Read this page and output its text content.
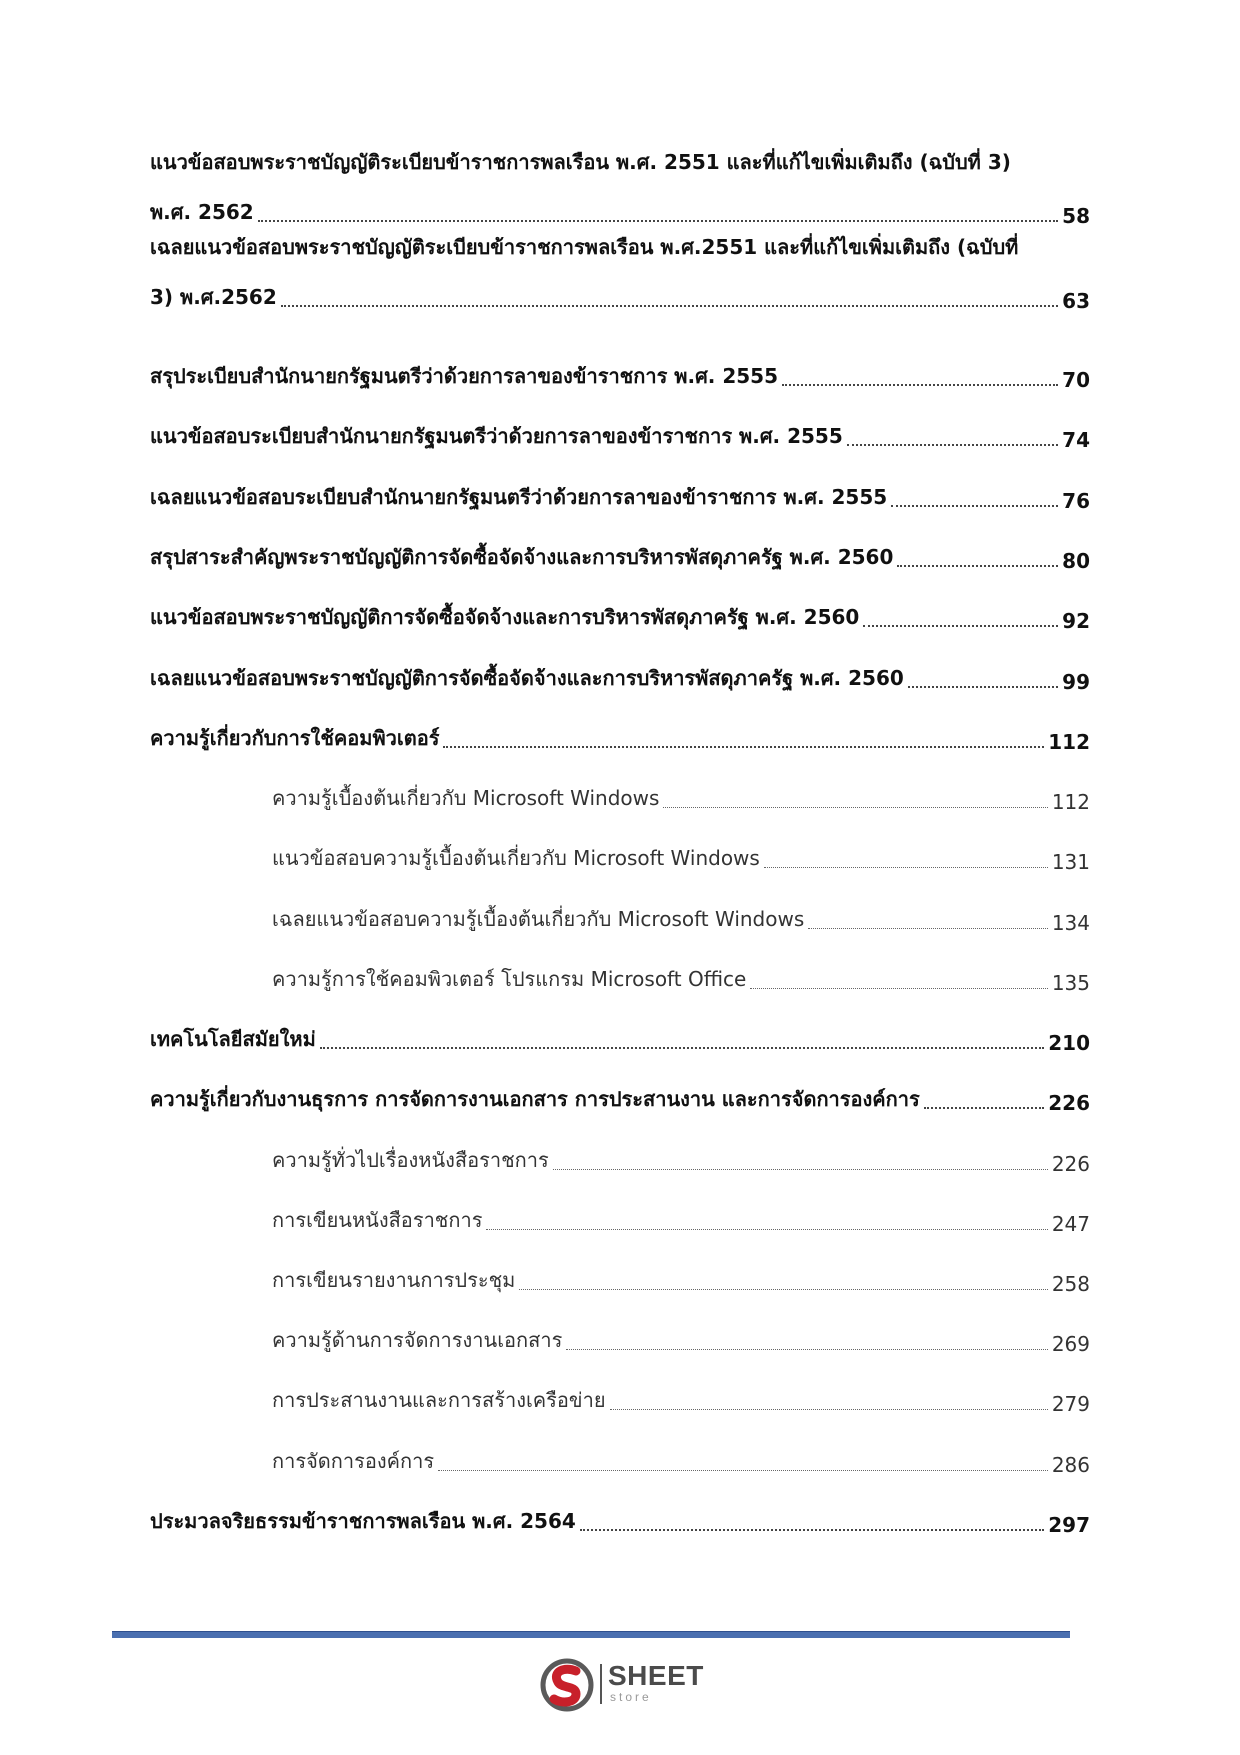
แนวข้อสอบพระราชบัญญัติระเบียบข้าราชการพลเรือน พ.ศ. 2551 และที่แก้ไขเพิ่มเติมถึง (ฉบับที่ 3)
พ.ศ. 2562	58
เฉลยแนวข้อสอบพระราชบัญญัติระเบียบข้าราชการพลเรือน พ.ศ.2551 และที่แก้ไขเพิ่มเติมถึง (ฉบับที่
3) พ.ศ.2562	63
สรุประเบียบสำนักนายกรัฐมนตรีว่าด้วยการลาของข้าราชการ พ.ศ. 2555	70
แนวข้อสอบระเบียบสำนักนายกรัฐมนตรีว่าด้วยการลาของข้าราชการ พ.ศ. 2555	74
เฉลยแนวข้อสอบระเบียบสำนักนายกรัฐมนตรีว่าด้วยการลาของข้าราชการ พ.ศ. 2555	76
สรุปสาระสำคัญพระราชบัญญัติการจัดซื้อจัดจ้างและการบริหารพัสดุภาครัฐ พ.ศ. 2560	80
แนวข้อสอบพระราชบัญญัติการจัดซื้อจัดจ้างและการบริหารพัสดุภาครัฐ พ.ศ. 2560	92
เฉลยแนวข้อสอบพระราชบัญญัติการจัดซื้อจัดจ้างและการบริหารพัสดุภาครัฐ พ.ศ. 2560	99
ความรู้เกี่ยวกับการใช้คอมพิวเตอร์	112
ความรู้เบื้องต้นเกี่ยวกับ Microsoft Windows	112
แนวข้อสอบความรู้เบื้องต้นเกี่ยวกับ Microsoft Windows	131
เฉลยแนวข้อสอบความรู้เบื้องต้นเกี่ยวกับ Microsoft Windows	134
ความรู้การใช้คอมพิวเตอร์ โปรแกรม Microsoft Office	135
เทคโนโลยีสมัยใหม่	210
ความรู้เกี่ยวกับงานธุรการ การจัดการงานเอกสาร การประสานงาน และการจัดการองค์การ	226
ความรู้ทั่วไปเรื่องหนังสือราชการ	226
การเขียนหนังสือราชการ	247
การเขียนรายงานการประชุม	258
ความรู้ด้านการจัดการงานเอกสาร	269
การประสานงานและการสร้างเครือข่าย	279
การจัดการองค์การ	286
ประมวลจริยธรรมข้าราชการพลเรือน พ.ศ. 2564	297
SHEET
store
